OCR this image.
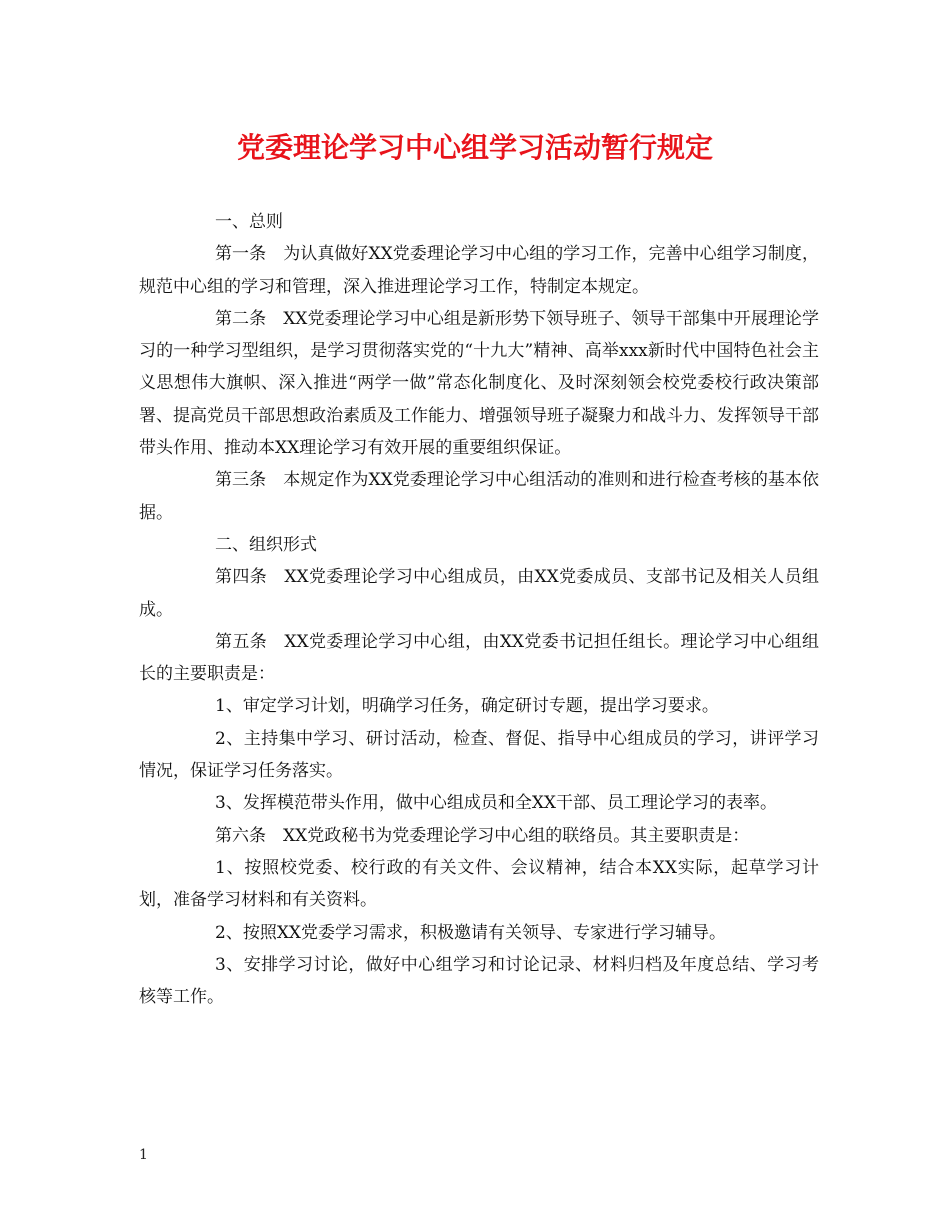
党委理论学习中心组学习活动暂行规定

一、总则

第一条　为认真做好XX党委理论学习中心组的学习工作，完善中心组学习制度，规范中心组的学习和管理，深入推进理论学习工作，特制定本规定。

第二条　XX党委理论学习中心组是新形势下领导班子、领导干部集中开展理论学习的一种学习型组织，是学习贯彻落实党的“十九大”精神、高举xxx新时代中国特色社会主义思想伟大旗帜、深入推进“两学一做”常态化制度化、及时深刻领会校党委校行政决策部署、提高党员干部思想政治素质及工作能力、增强领导班子凝聚力和战斗力、发挥领导干部带头作用、推动本XX理论学习有效开展的重要组织保证。

第三条　本规定作为XX党委理论学习中心组活动的准则和进行检查考核的基本依据。

二、组织形式

第四条　XX党委理论学习中心组成员，由XX党委成员、支部书记及相关人员组成。

第五条　XX党委理论学习中心组，由XX党委书记担任组长。理论学习中心组组长的主要职责是：

1、审定学习计划，明确学习任务，确定研讨专题，提出学习要求。

2、主持集中学习、研讨活动，检查、督促、指导中心组成员的学习，讲评学习情况，保证学习任务落实。

3、发挥模范带头作用，做中心组成员和全XX干部、员工理论学习的表率。

第六条　XX党政秘书为党委理论学习中心组的联络员。其主要职责是：

1、按照校党委、校行政的有关文件、会议精神，结合本XX实际，起草学习计划，准备学习材料和有关资料。

2、按照XX党委学习需求，积极邀请有关领导、专家进行学习辅导。

3、安排学习讨论，做好中心组学习和讨论记录、材料归档及年度总结、学习考核等工作。

1
